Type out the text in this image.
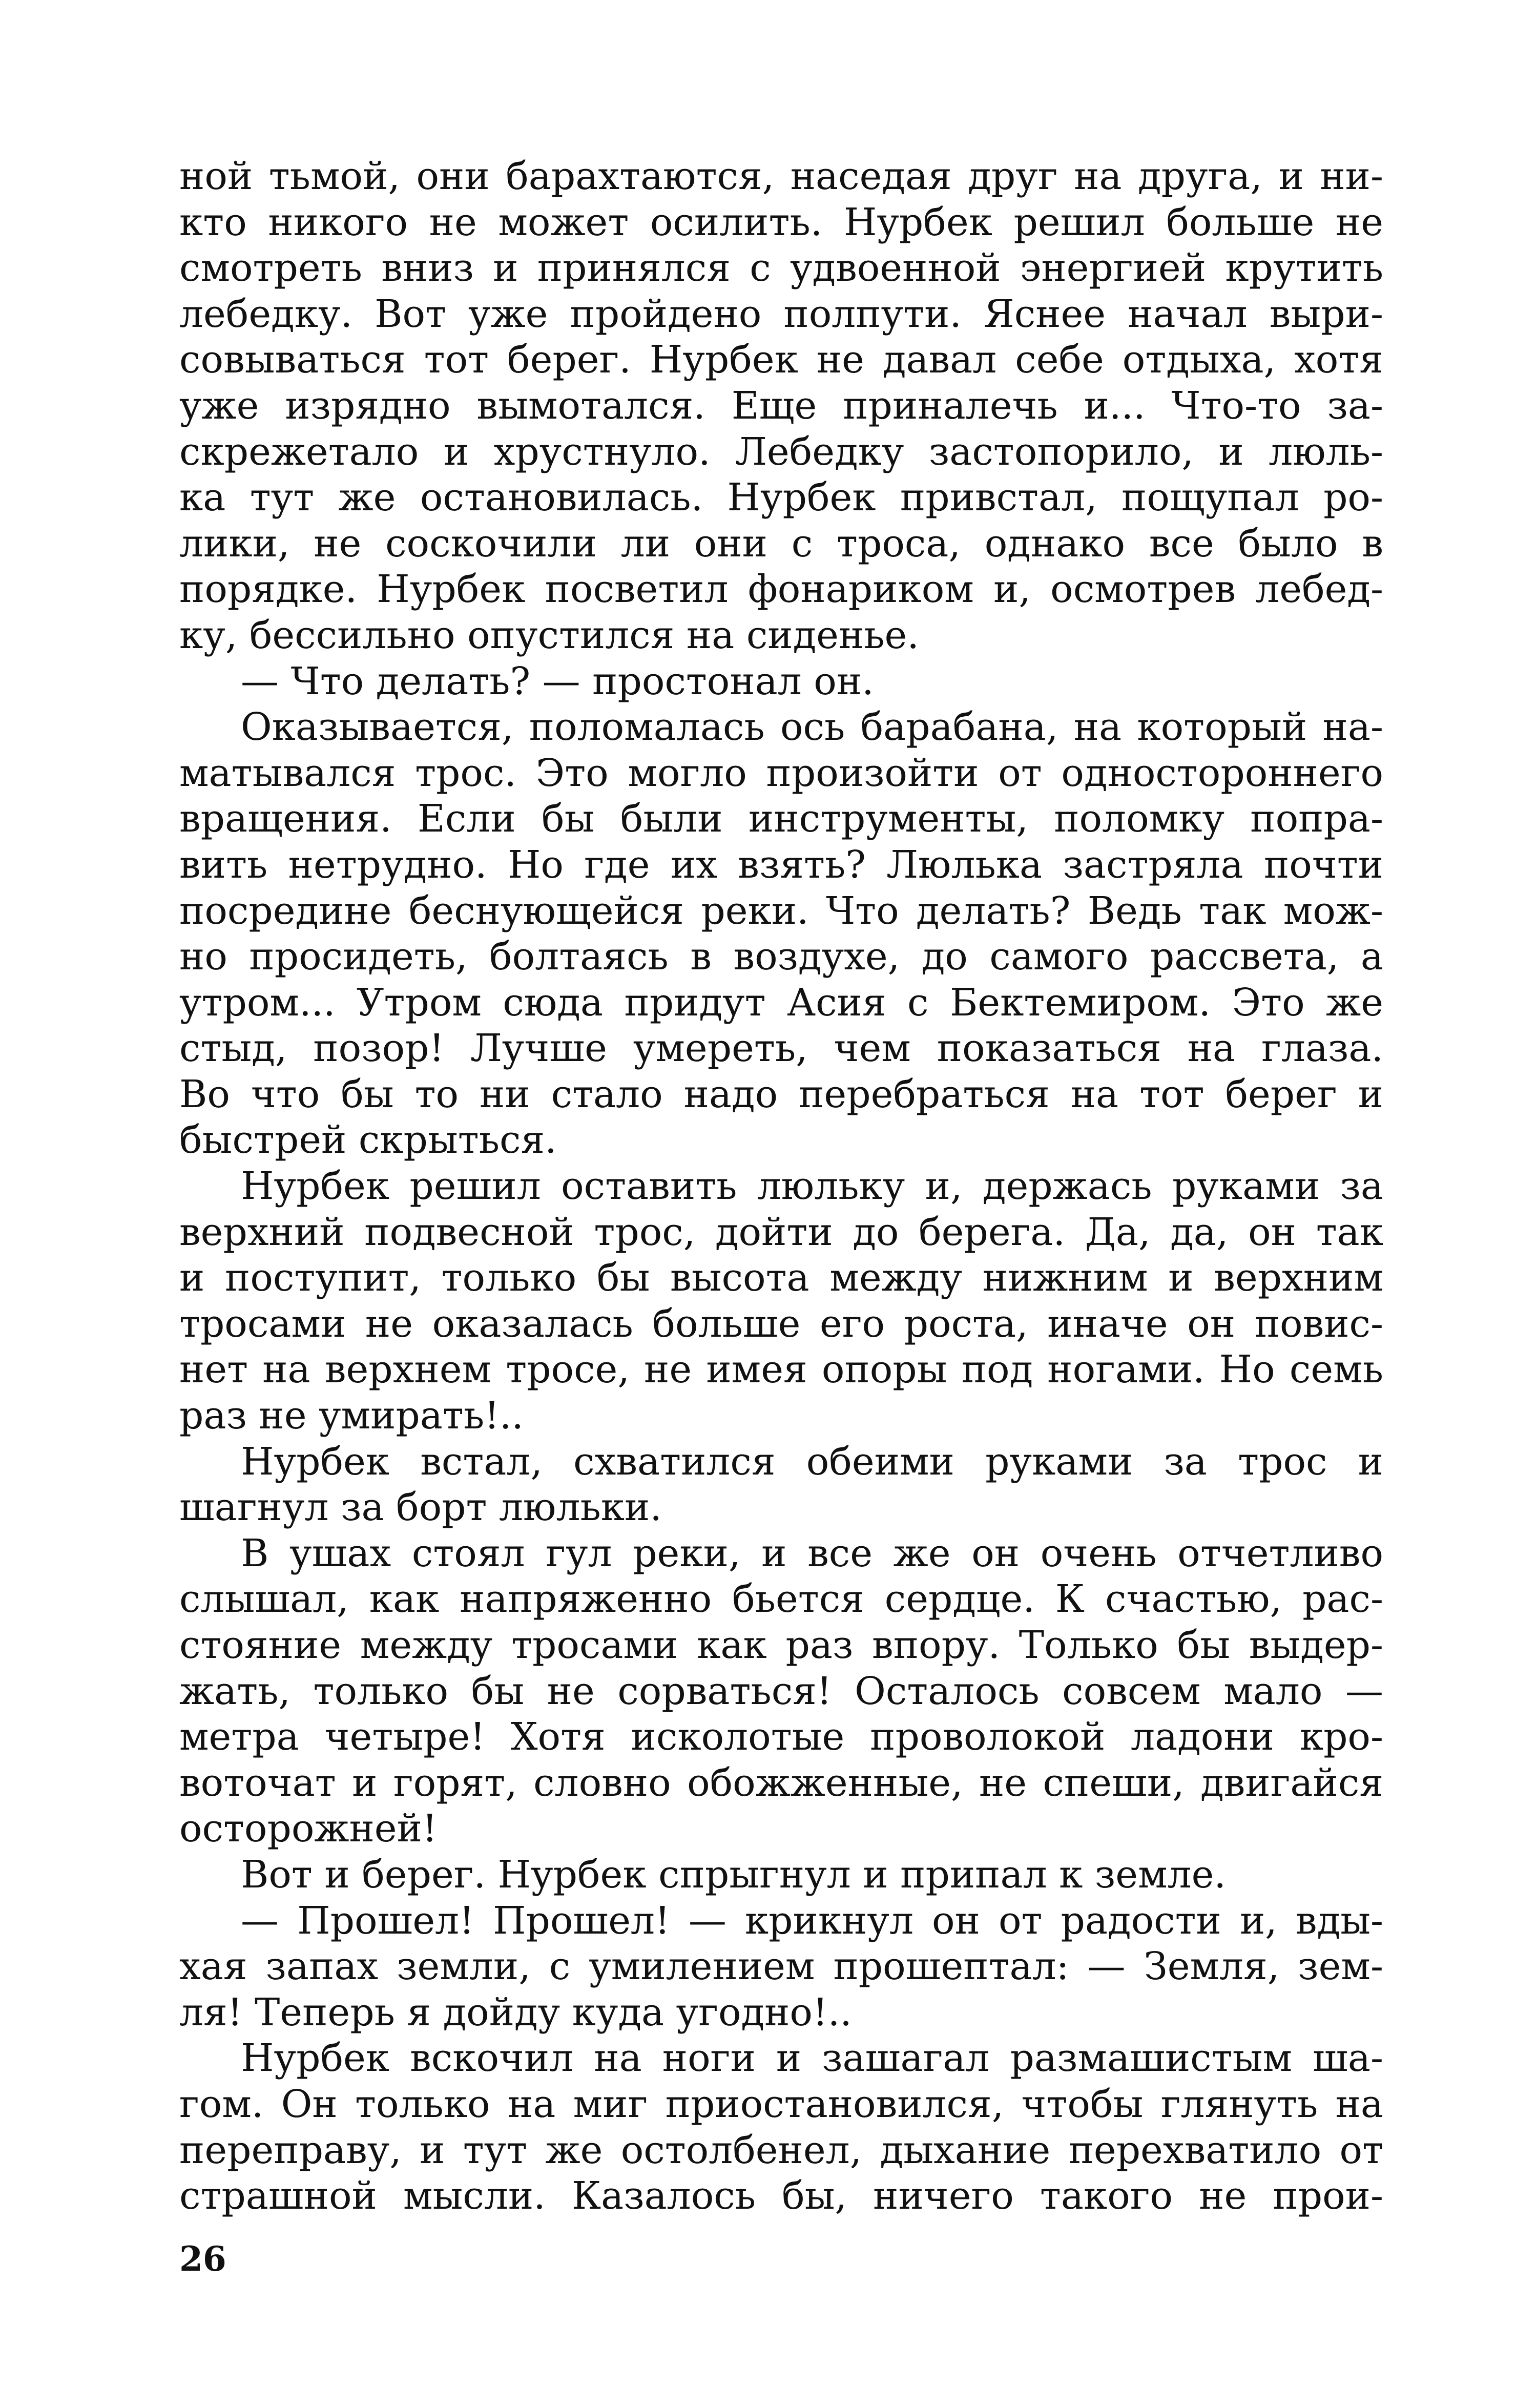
ной тьмой, они барахтаются, наседая друг на друга, и ни-
кто никого не может осилить. Нурбек решил больше не
смотреть вниз и принялся с удвоенной энергией крутить
лебедку. Вот уже пройдено полпути. Яснее начал выри-
совываться тот берег. Нурбек не давал себе отдыха, хотя
уже изрядно вымотался. Еще приналечь и... Что-то за-
скрежетало и хрустнуло. Лебедку застопорило, и люль-
ка тут же остановилась. Нурбек привстал, пощупал ро-
лики, не соскочили ли они с троса, однако все было в
порядке. Нурбек посветил фонариком и, осмотрев лебед-
ку, бессильно опустился на сиденье.
— Что делать? — простонал он.
Оказывается, поломалась ось барабана, на который на-
матывался трос. Это могло произойти от одностороннего
вращения. Если бы были инструменты, поломку попра-
вить нетрудно. Но где их взять? Люлька застряла почти
посредине беснующейся реки. Что делать? Ведь так мож-
но просидеть, болтаясь в воздухе, до самого рассвета, а
утром... Утром сюда придут Асия с Бектемиром. Это же
стыд, позор! Лучше умереть, чем показаться на глаза.
Во что бы то ни стало надо перебраться на тот берег и
быстрей скрыться.
Нурбек решил оставить люльку и, держась руками за
верхний подвесной трос, дойти до берега. Да, да, он так
и поступит, только бы высота между нижним и верхним
тросами не оказалась больше его роста, иначе он повис-
нет на верхнем тросе, не имея опоры под ногами. Но семь
раз не умирать!..
Нурбек встал, схватился обеими руками за трос и
шагнул за борт люльки.
В ушах стоял гул реки, и все же он очень отчетливо
слышал, как напряженно бьется сердце. К счастью, рас-
стояние между тросами как раз впору. Только бы выдер-
жать, только бы не сорваться! Осталось совсем мало —
метра четыре! Хотя исколотые проволокой ладони кро-
воточат и горят, словно обожженные, не спеши, двигайся
осторожней!
Вот и берег. Нурбек спрыгнул и припал к земле.
— Прошел! Прошел! — крикнул он от радости и, вды-
хая запах земли, с умилением прошептал: — Земля, зем-
ля! Теперь я дойду куда угодно!..
Нурбек вскочил на ноги и зашагал размашистым ша-
гом. Он только на миг приостановился, чтобы глянуть на
переправу, и тут же остолбенел, дыхание перехватило от
страшной мысли. Казалось бы, ничего такого не прои-
26
